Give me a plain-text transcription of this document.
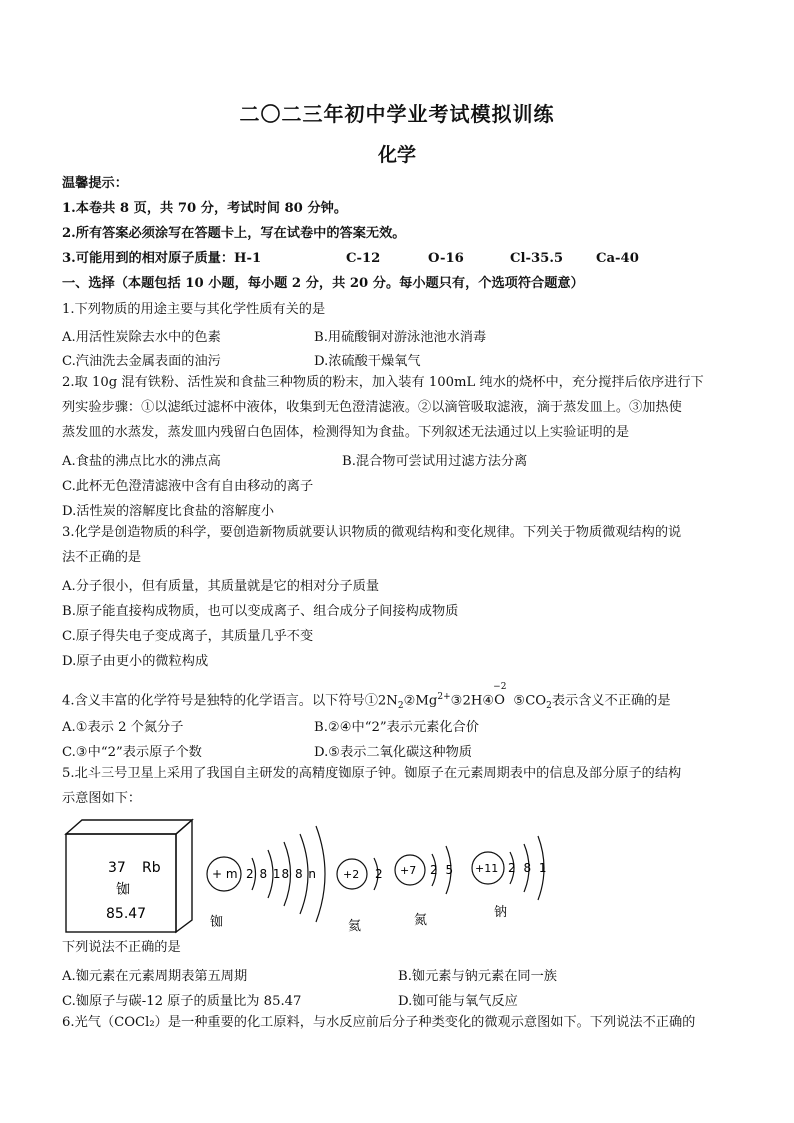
二〇二三年初中学业考试模拟训练
化学
温馨提示：
1.本卷共 8 页，共 70 分，考试时间 80 分钟。
2.所有答案必须涂写在答题卡上，写在试卷中的答案无效。
3.可能用到的相对原子质量：H-1	C-12	O-16	Cl-35.5 Ca-40
一、选择（本题包括 10 小题，每小题 2 分，共 20 分。每小题只有，个选项符合题意）
1.下列物质的用途主要与其化学性质有关的是
A.用活性炭除去水中的色素	B.用硫酸铜对游泳池池水消毒
C.汽油洗去金属表面的油污	D.浓硫酸干燥氧气
2.取 10g 混有铁粉、活性炭和食盐三种物质的粉末，加入装有 100mL 纯水的烧杯中，充分搅拌后依序进行下
列实验步骤：①以滤纸过滤杯中液体，收集到无色澄清滤液。②以滴管吸取滤液，滴于蒸发皿上。③加热使
蒸发皿的水蒸发，蒸发皿内残留白色固体，检测得知为食盐。下列叙述无法通过以上实验证明的是
A.食盐的沸点比水的沸点高	B.混合物可尝试用过滤方法分离
C.此杯无色澄清滤液中含有自由移动的离子
D.活性炭的溶解度比食盐的溶解度小
3.化学是创造物质的科学，要创造新物质就要认识物质的微观结构和变化规律。下列关于物质微观结构的说
法不正确的是
A.分子很小，但有质量，其质量就是它的相对分子质量
B.原子能直接构成物质，也可以变成离子、组合成分子间接构成物质
C.原子得失电子变成离子，其质量几乎不变
D.原子由更小的微粒构成
4.含义丰富的化学符号是独特的化学语言。以下符号$①2N_2②Mg^{2+}③2H④$
−2
O $⑤CO_2$表示含义不正确的是
A.①表示 2 个氮分子	B.②④中“2”表示元素化合价
C.③中“2”表示原子个数	D.⑤表示二氧化碳这种物质
5.北斗三号卫星上采用了我国自主研发的高精度铷原子钟。铷原子在元素周期表中的信息及部分原子的结构
示意图如下：
37 Rb
铷
85.47
+ m 2 8 18 8 n
铷
+2 2
氦
+7 2 5
氮
+11 2 8 1
钠
下列说法不正确的是
A.铷元素在元素周期表第五周期	B.铷元素与钠元素在同一族
C.铷原子与碳-12 原子的质量比为 85.47	D.铷可能与氧气反应
6.光气（COCl₂）是一种重要的化工原料，与水反应前后分子种类变化的微观示意图如下。下列说法不正确的
